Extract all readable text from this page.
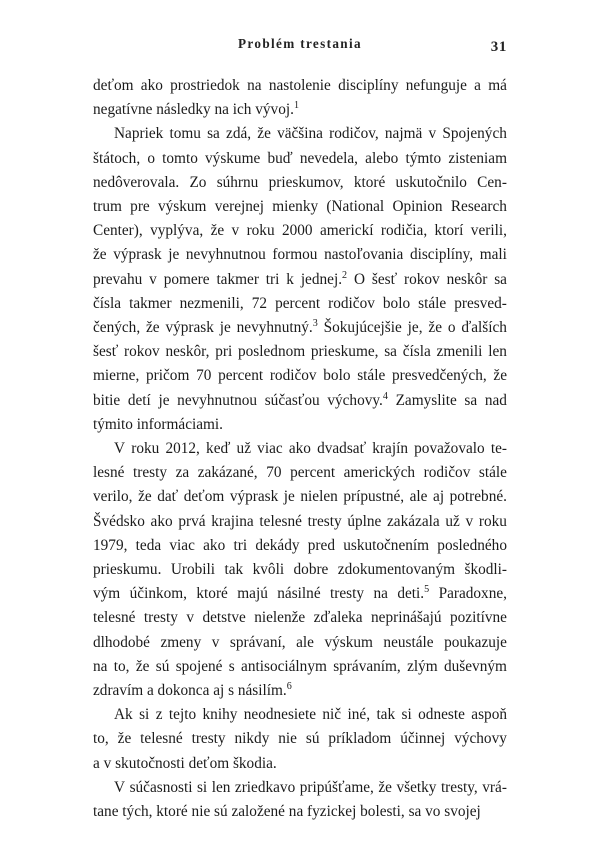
Problém trestania	31
deťom ako prostriedok na nastolenie disciplíny nefunguje a má
negatívne následky na ich vývoj.$^1$
Napriek tomu sa zdá, že väčšina rodičov, najmä v Spojených
štátoch, o tomto výskume buď nevedela, alebo týmto zisteniam
nedôverovala. Zo súhrnu prieskumov, ktoré uskutočnilo Cen-
trum pre výskum verejnej mienky (National Opinion Research
Center), vyplýva, že v roku 2000 americkí rodičia, ktorí verili,
že výprask je nevyhnutnou formou nastoľovania disciplíny, mali
prevahu v pomere takmer tri k jednej.$^2$ O šesť rokov neskôr sa
čísla takmer nezmenili, 72 percent rodičov bolo stále presved-
čených, že výprask je nevyhnutný.$^3$ Šokujúcejšie je, že o ďalších
šesť rokov neskôr, pri poslednom prieskume, sa čísla zmenili len
mierne, pričom 70 percent rodičov bolo stále presvedčených, že
bitie detí je nevyhnutnou súčasťou výchovy.$^4$ Zamyslite sa nad
týmito informáciami.
V roku 2012, keď už viac ako dvadsať krajín považovalo te-
lesné tresty za zakázané, 70 percent amerických rodičov stále
verilo, že dať deťom výprask je nielen prípustné, ale aj potrebné.
Švédsko ako prvá krajina telesné tresty úplne zakázala už v roku
1979, teda viac ako tri dekády pred uskutočnením posledného
prieskumu. Urobili tak kvôli dobre zdokumentovaným škodli-
vým účinkom, ktoré majú násilné tresty na deti.$^5$ Paradoxne,
telesné tresty v detstve nielenže zďaleka neprinášajú pozitívne
dlhodobé zmeny v správaní, ale výskum neustále poukazuje
na to, že sú spojené s antisociálnym správaním, zlým duševným
zdravím a dokonca aj s násilím.$^6$
Ak si z tejto knihy neodnesiete nič iné, tak si odneste aspoň
to, že telesné tresty nikdy nie sú príkladom účinnej výchovy
a v skutočnosti deťom škodia.
V súčasnosti si len zriedkavo pripúšťame, že všetky tresty, vrá-
tane tých, ktoré nie sú založené na fyzickej bolesti, sa vo svojej
